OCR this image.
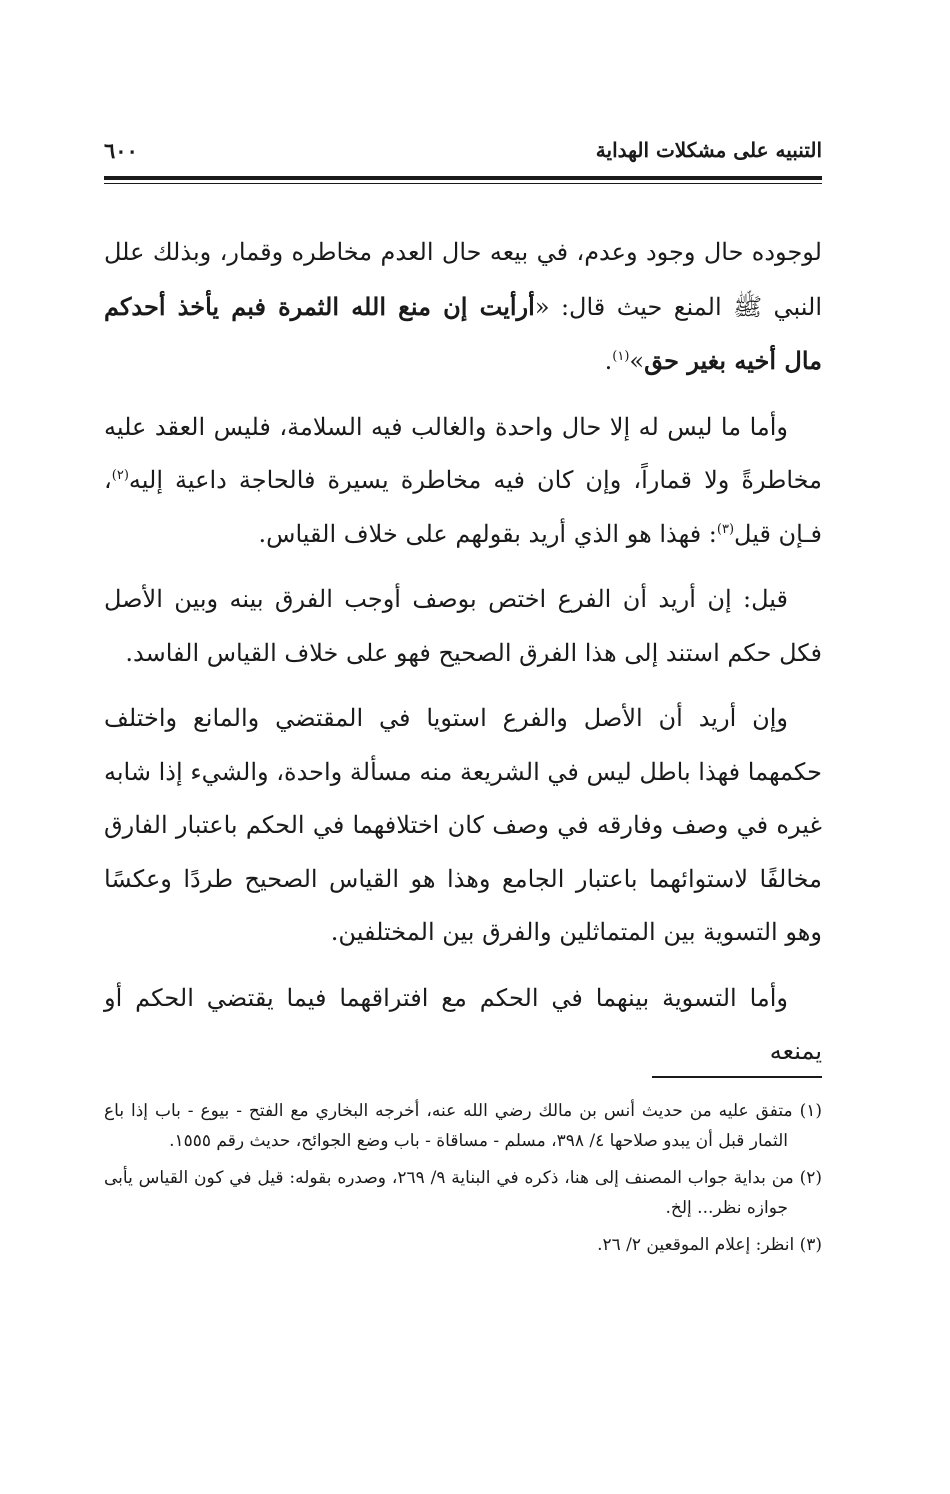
التنبيه على مشكلات الهداية
٦٠٠

لوجوده حال وجود وعدم، في بيعه حال العدم مخاطره وقمار، وبذلك علل النبي ﷺ المنع حيث قال: «أرأيت إن منع الله الثمرة فبم يأخذ أحدكم مال أخيه بغير حق»$^{(١)}$.

وأما ما ليس له إلا حال واحدة والغالب فيه السلامة، فليس العقد عليه مخاطرةً ولا قماراً، وإن كان فيه مخاطرة يسيرة فالحاجة داعية إليه$^{(٢)}$، فـإن قيل$^{(٣)}$: فهذا هو الذي أريد بقولهم على خلاف القياس.

قيل: إن أريد أن الفرع اختص بوصف أوجب الفرق بينه وبين الأصل فكل حكم استند إلى هذا الفرق الصحيح فهو على خلاف القياس الفاسد.

وإن أريد أن الأصل والفرع استويا في المقتضي والمانع واختلف حكمهما فهذا باطل ليس في الشريعة منه مسألة واحدة، والشيء إذا شابه غيره في وصف وفارقه في وصف كان اختلافهما في الحكم باعتبار الفارق مخالفًا لاستوائهما باعتبار الجامع وهذا هو القياس الصحيح طردًا وعكسًا وهو التسوية بين المتماثلين والفرق بين المختلفين.

وأما التسوية بينهما في الحكم مع افتراقهما فيما يقتضي الحكم أو يمنعه

(١) متفق عليه من حديث أنس بن مالك رضي الله عنه، أخرجه البخاري مع الفتح - بيوع - باب إذا باع الثمار قبل أن يبدو صلاحها ٤/ ٣٩٨، مسلم - مساقاة - باب وضع الجوائح، حديث رقم ١٥٥٥.

(٢) من بداية جواب المصنف إلى هنا، ذكره في البناية ٩/ ٢٦٩، وصدره بقوله: قيل في كون القياس يأبى جوازه نظر... إلخ.

(٣) انظر: إعلام الموقعين ٢/ ٢٦.
